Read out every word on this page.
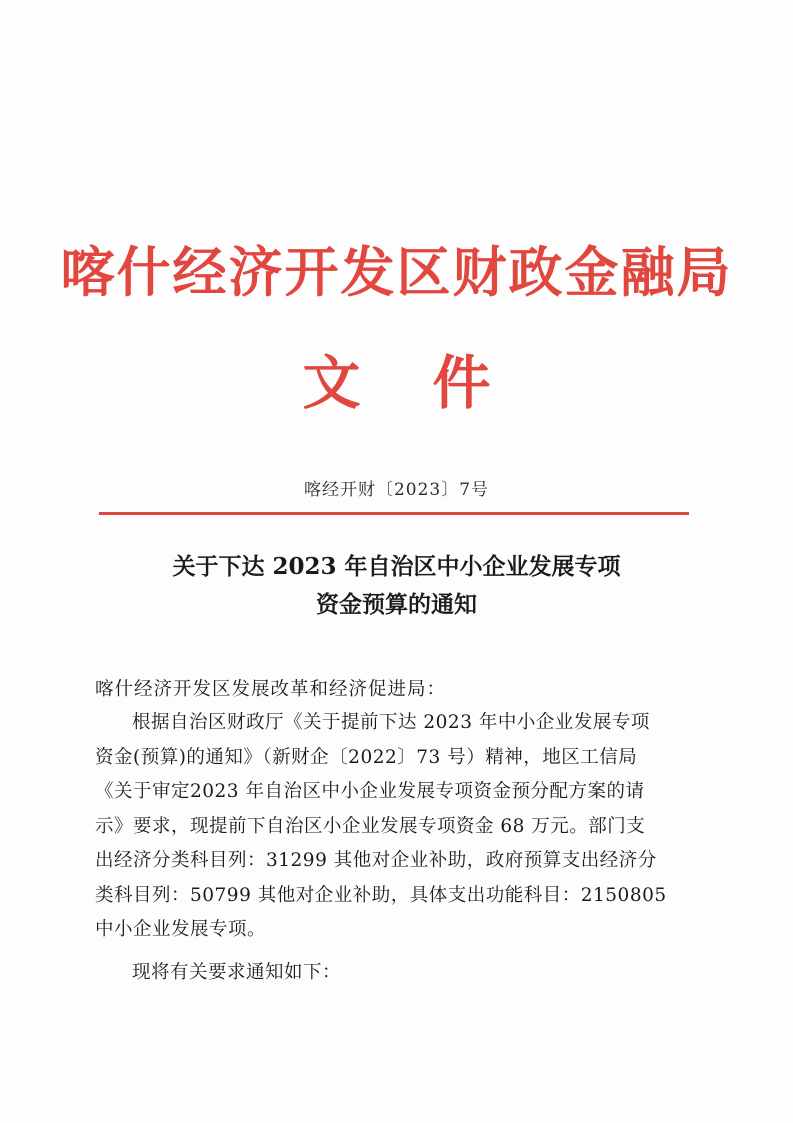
喀什经济开发区财政金融局
文件
喀经开财〔2023〕7号
关于下达 2023 年自治区中小企业发展专项
资金预算的通知
喀什经济开发区发展改革和经济促进局：
根据自治区财政厅《关于提前下达 2023 年中小企业发展专项
资金(预算)的通知》（新财企〔2022〕73 号）精神，地区工信局
《关于审定2023 年自治区中小企业发展专项资金预分配方案的请
示》要求，现提前下自治区小企业发展专项资金 68 万元。部门支
出经济分类科目列：31299 其他对企业补助，政府预算支出经济分
类科目列：50799 其他对企业补助，具体支出功能科目：2150805
中小企业发展专项。
现将有关要求通知如下：
